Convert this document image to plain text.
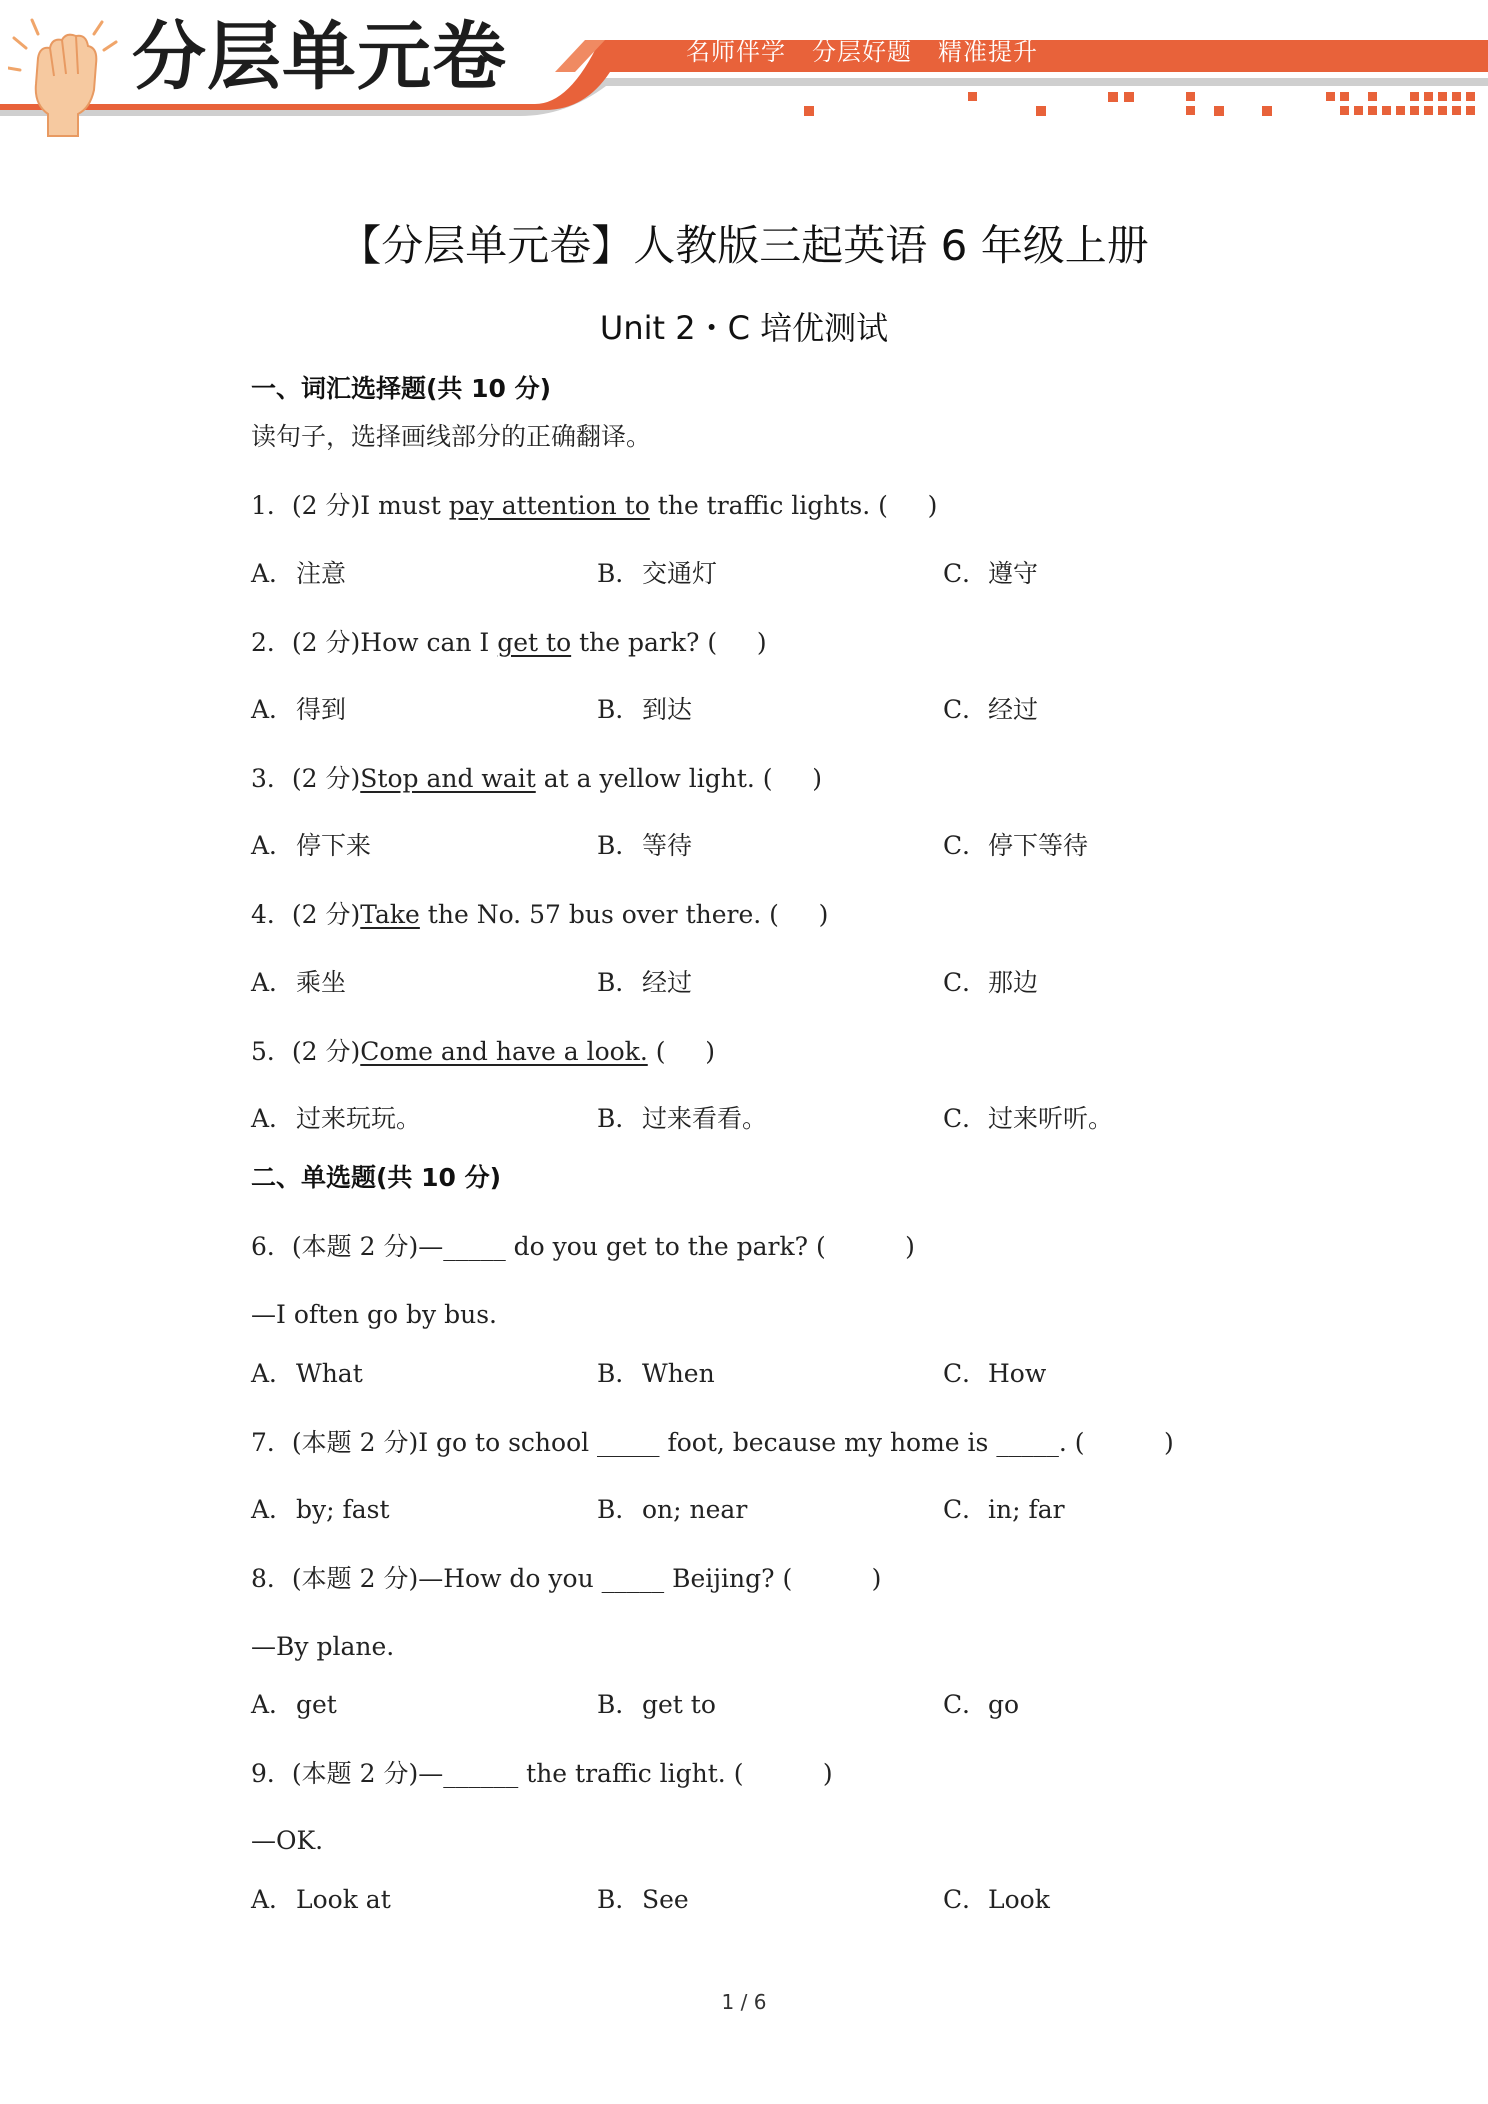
分层单元卷	名师伴学 分层好题 精准提升
【分层单元卷】人教版三起英语 6 年级上册
Unit 2・C 培优测试
一、词汇选择题(共 10 分)
读句子，选择画线部分的正确翻译。
1．(2 分)I must pay attention to the traffic lights. (     )
A．注意	B．交通灯	C．遵守
2．(2 分)How can I get to the park? (     )
A．得到	B．到达	C．经过
3．(2 分)Stop and wait at a yellow light. (     )
A．停下来	B．等待	C．停下等待
4．(2 分)Take the No. 57 bus over there. (     )
A．乘坐	B．经过	C．那边
5．(2 分)Come and have a look. (     )
A．过来玩玩。	B．过来看看。	C．过来听听。
二、单选题(共 10 分)
6．(本题 2 分)—_____ do you get to the park? (          )
—I often go by bus.
A．What	B．When	C．How
7．(本题 2 分)I go to school _____ foot, because my home is _____. (          )
A．by; fast	B．on; near	C．in; far
8．(本题 2 分)—How do you _____ Beijing? (          )
—By plane.
A．get	B．get to	C．go
9．(本题 2 分)—______ the traffic light. (          )
—OK.
A．Look at	B．See	C．Look
1 / 6
